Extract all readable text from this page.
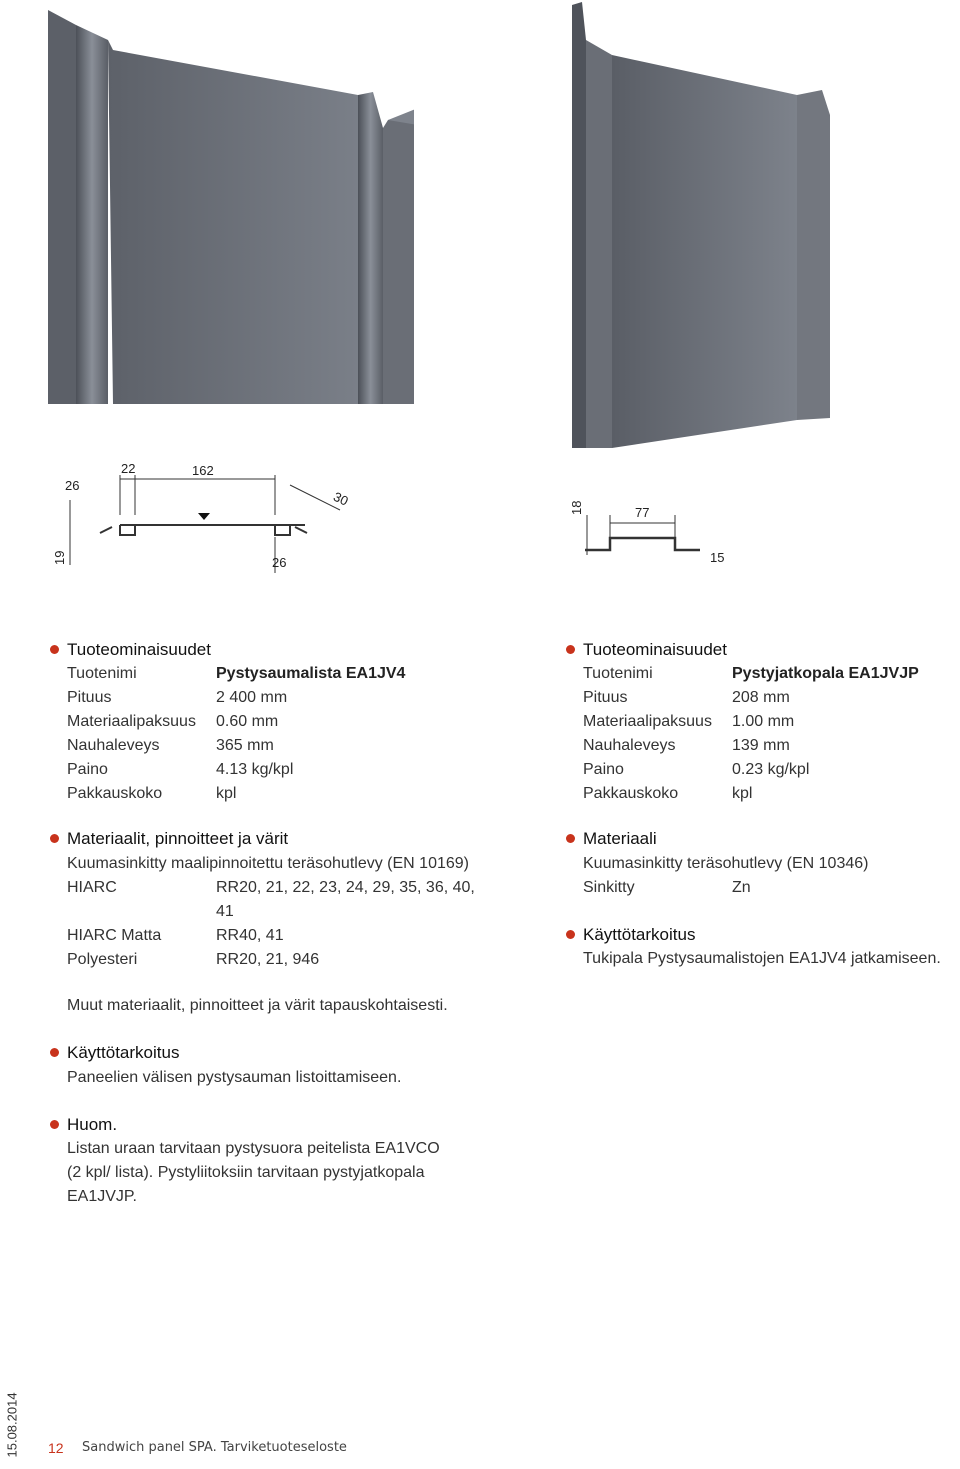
26
22	162
30
19	26
18	77
15
Tuoteominaisuudet
Tuotenimi	Pystysaumalista EA1JV4
Pituus	2 400 mm
Materiaalipaksuus 0.60 mm
Nauhaleveys	365 mm
Paino	4.13 kg/kpl
Pakkauskoko	kpl
Materiaalit, pinnoitteet ja värit
Kuumasinkitty maalipinnoitettu teräsohutlevy (EN 10169)
HIARC	RR20, 21, 22, 23, 24, 29, 35, 36, 40,
41
HIARC Matta	RR40, 41
Polyesteri	RR20, 21, 946
Muut materiaalit, pinnoitteet ja värit tapauskohtaisesti.
Käyttötarkoitus
Paneelien välisen pystysauman listoittamiseen.
Huom.
Listan uraan tarvitaan pystysuora peitelista EA1VCO
(2 kpl/ lista). Pystyliitoksiin tarvitaan pystyjatkopala
EA1JVJP.
Tuoteominaisuudet
Tuotenimi	Pystyjatkopala EA1JVJP
Pituus	208 mm
Materiaalipaksuus 1.00 mm
Nauhaleveys	139 mm
Paino	0.23 kg/kpl
Pakkauskoko	kpl
Materiaali
Kuumasinkitty teräsohutlevy (EN 10346)
Sinkitty	Zn
Käyttötarkoitus
Tukipala Pystysaumalistojen EA1JV4 jatkamiseen.
15.08.2014 12 Sandwich panel SPA. Tarviketuoteseloste
